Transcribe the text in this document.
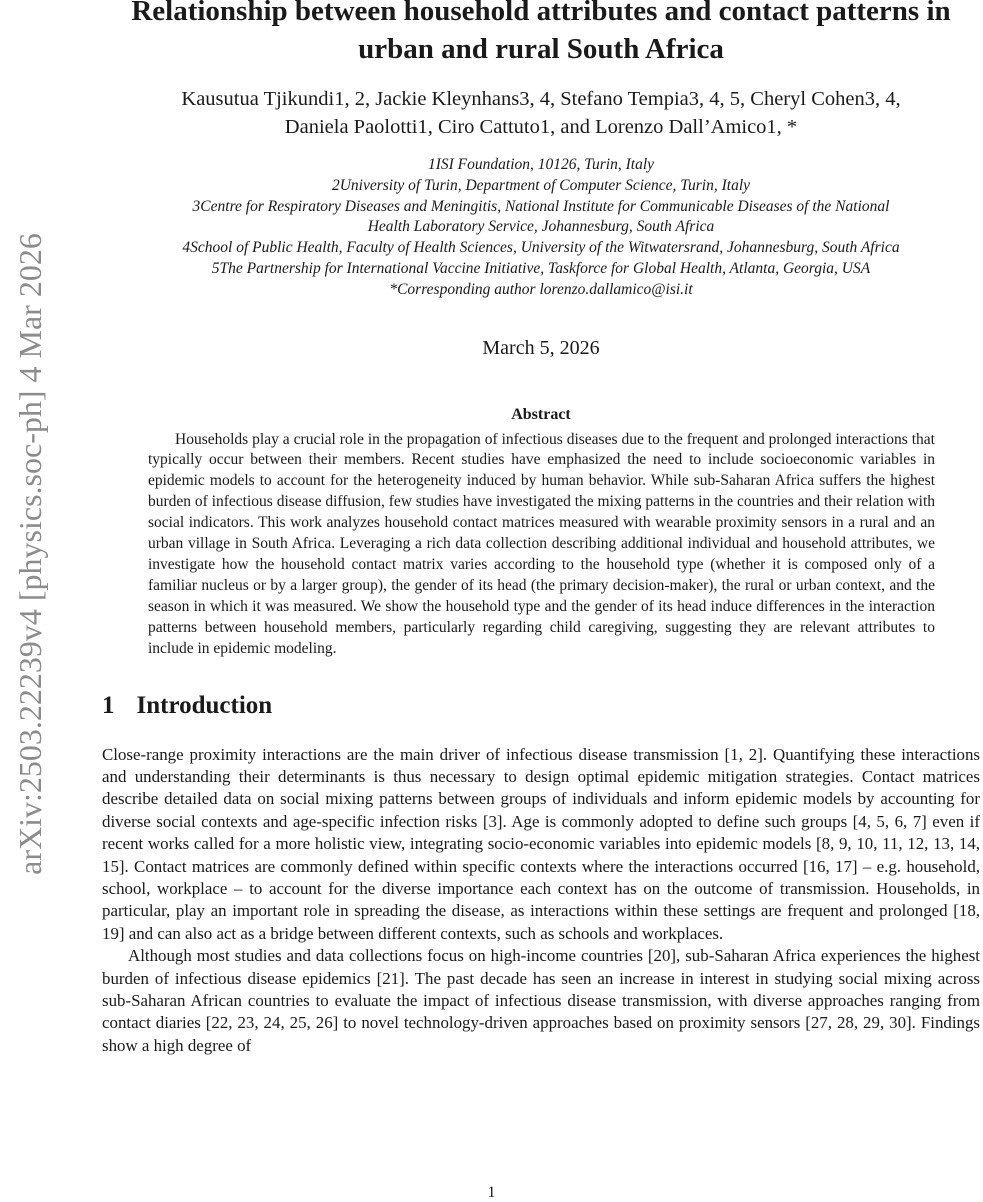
arXiv:2503.22239v4 [physics.soc-ph] 4 Mar 2026
Relationship between household attributes and contact patterns in
urban and rural South Africa
Kausutua Tjikundi1, 2, Jackie Kleynhans3, 4, Stefano Tempia3, 4, 5, Cheryl Cohen3, 4,
Daniela Paolotti1, Ciro Cattuto1, and Lorenzo Dall’Amico1, *
1ISI Foundation, 10126, Turin, Italy
2University of Turin, Department of Computer Science, Turin, Italy
3Centre for Respiratory Diseases and Meningitis, National Institute for Communicable Diseases of the National
Health Laboratory Service, Johannesburg, South Africa
4School of Public Health, Faculty of Health Sciences, University of the Witwatersrand, Johannesburg, South Africa
5The Partnership for International Vaccine Initiative, Taskforce for Global Health, Atlanta, Georgia, USA
*Corresponding author lorenzo.dallamico@isi.it
March 5, 2026
Abstract

Households play a crucial role in the propagation of infectious diseases due to the frequent and prolonged interactions that typically occur between their members. Recent studies have emphasized the need to include socioeconomic variables in epidemic models to account for the heterogeneity induced by human behavior. While sub-Saharan Africa suffers the highest burden of infectious disease diffusion, few studies have investigated the mixing patterns in the countries and their relation with social indicators. This work analyzes household contact matrices measured with wearable proximity sensors in a rural and an urban village in South Africa. Leveraging a rich data collection describing additional individual and household attributes, we investigate how the household contact matrix varies according to the household type (whether it is composed only of a familiar nucleus or by a larger group), the gender of its head (the primary decision-maker), the rural or urban context, and the season in which it was measured. We show the household type and the gender of its head induce differences in the interaction patterns between household members, particularly regarding child caregiving, suggesting they are relevant attributes to include in epidemic modeling.

1 Introduction

Close-range proximity interactions are the main driver of infectious disease transmission [1, 2]. Quantifying these interactions and understanding their determinants is thus necessary to design optimal epidemic mitigation strategies. Contact matrices describe detailed data on social mixing patterns between groups of individuals and inform epidemic models by accounting for diverse social contexts and age-specific infection risks [3]. Age is commonly adopted to define such groups [4, 5, 6, 7] even if recent works called for a more holistic view, integrating socio-economic variables into epidemic models [8, 9, 10, 11, 12, 13, 14, 15]. Contact matrices are commonly defined within specific contexts where the interactions occurred [16, 17] – e.g. household, school, workplace – to account for the diverse importance each context has on the outcome of transmission. Households, in particular, play an important role in spreading the disease, as interactions within these settings are frequent and prolonged [18, 19] and can also act as a bridge between different contexts, such as schools and workplaces.

Although most studies and data collections focus on high-income countries [20], sub-Saharan Africa experiences the highest burden of infectious disease epidemics [21]. The past decade has seen an increase in interest in studying social mixing across sub-Saharan African countries to evaluate the impact of infectious disease transmission, with diverse approaches ranging from contact diaries [22, 23, 24, 25, 26] to novel technology-driven approaches based on proximity sensors [27, 28, 29, 30]. Findings show a high degree of

1
